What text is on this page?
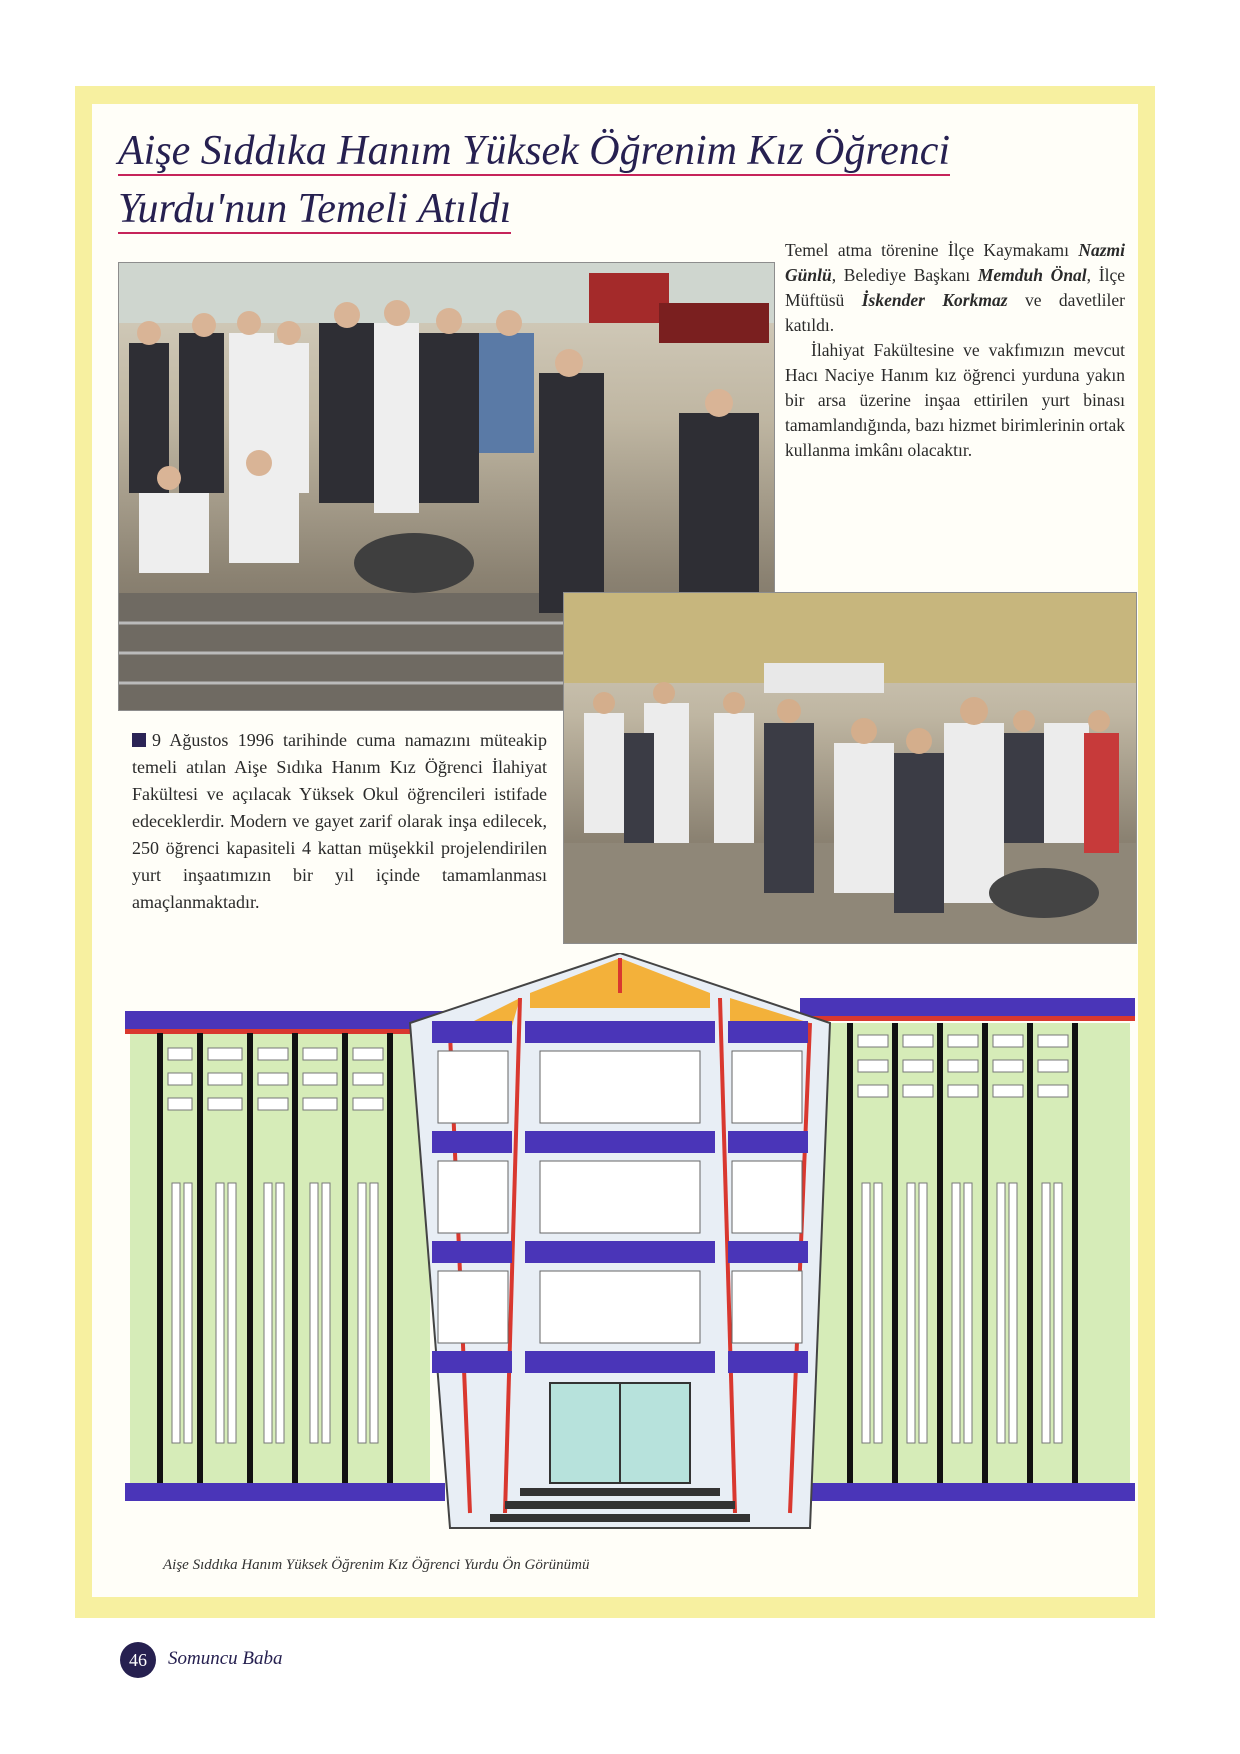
Aişe Sıddıka Hanım Yüksek Öğrenim Kız Öğrenci
Yurdu'nun Temeli Atıldı

Temel atma törenine İlçe Kaymakamı Nazmi Günlü, Belediye Başkanı Memduh Önal, İlçe Müftüsü İskender Korkmaz ve davetliler katıldı.

İlahiyat Fakültesine ve vakfımızın mevcut Hacı Naciye Hanım kız öğrenci yurduna yakın bir arsa üzerine inşaa ettirilen yurt binası tamamlandığında, bazı hizmet birimlerinin ortak kullanma imkânı olacaktır.

9 Ağustos 1996 tarihinde cuma namazını müteakip temeli atılan Aişe Sıdıka Hanım Kız Öğrenci İlahiyat Fakültesi ve açılacak Yüksek Okul öğrencileri istifade edeceklerdir. Modern ve gayet zarif olarak inşa edilecek, 250 öğrenci kapasiteli 4 kattan müşekkil projelendirilen yurt inşaatımızın bir yıl içinde tamamlanması amaçlanmaktadır.

Aişe Sıddıka Hanım Yüksek Öğrenim Kız Öğrenci Yurdu Ön Görünümü
46	Somuncu Baba
